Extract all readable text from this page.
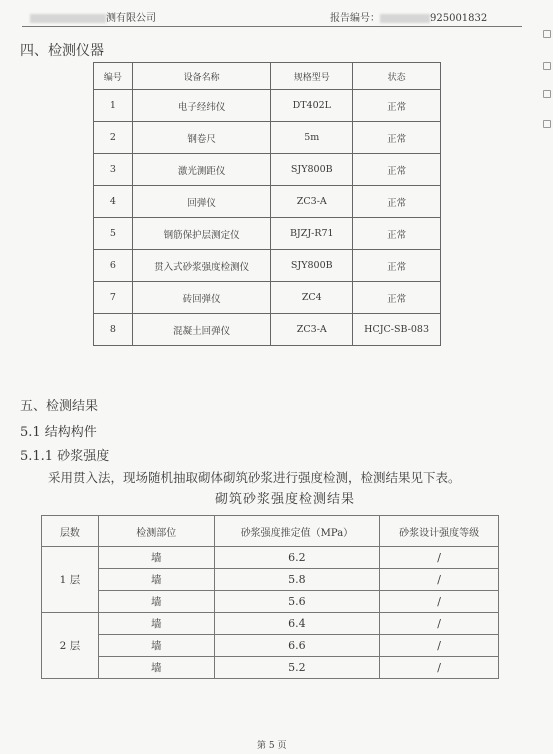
测有限公司	报告编号：	925001832
四、检测仪器
编号	设备名称	规格型号	状态
1	电子经纬仪	DT402L	正常
2	钢卷尺	5m	正常
3	激光测距仪	SJY800B	正常
4	回弹仪	ZC3-A	正常
5	钢筋保护层测定仪	BJZJ-R71	正常
6	贯入式砂浆强度检测仪	SJY800B	正常
7	砖回弹仪	ZC4	正常
8	混凝土回弹仪	ZC3-A	HCJC-SB-083
五、检测结果
5.1 结构构件
5.1.1 砂浆强度
采用贯入法，现场随机抽取砌体砌筑砂浆进行强度检测，检测结果见下表。
砌筑砂浆强度检测结果
层数	检测部位	砂浆强度推定值（MPa）	砂浆设计强度等级
1 层	墙	6.2	/
	墙	5.8	/
	墙	5.6	/
2 层	墙	6.4	/
	墙	6.6	/
	墙	5.2	/
第 5 页
